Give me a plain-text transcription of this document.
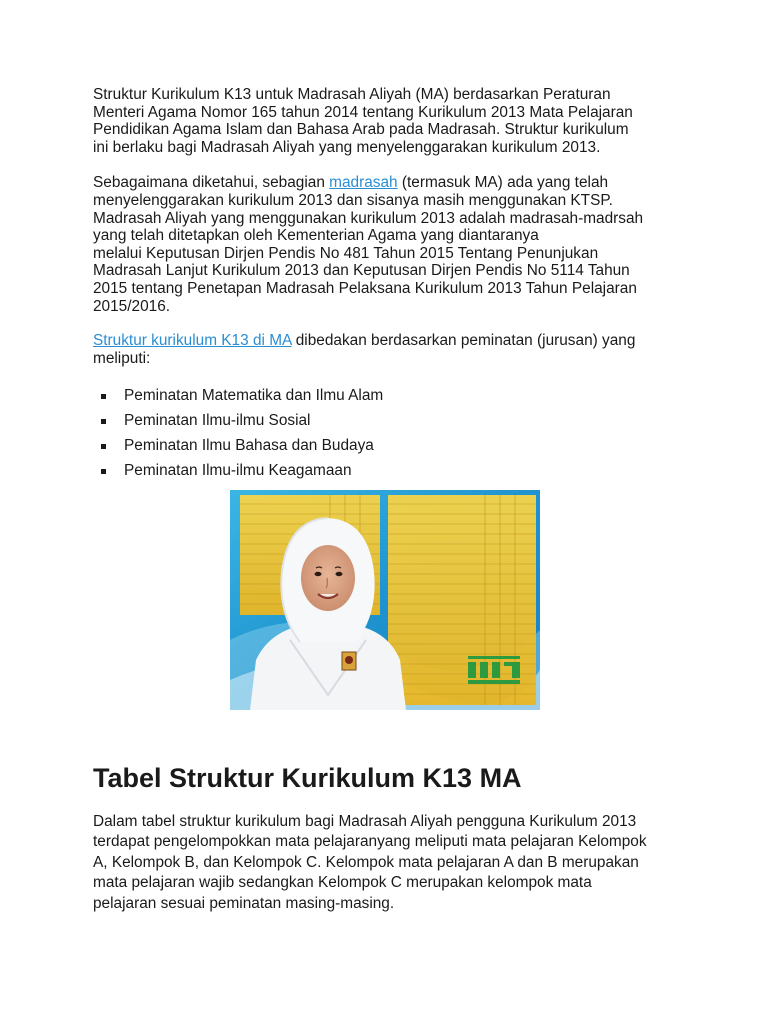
Struktur Kurikulum K13 untuk Madrasah Aliyah (MA) berdasarkan Peraturan
Menteri Agama Nomor 165 tahun 2014 tentang Kurikulum 2013 Mata Pelajaran
Pendidikan Agama Islam dan Bahasa Arab pada Madrasah. Struktur kurikulum
ini berlaku bagi Madrasah Aliyah yang menyelenggarakan kurikulum 2013.

Sebagaimana diketahui, sebagian madrasah (termasuk MA) ada yang telah
menyelenggarakan kurikulum 2013 dan sisanya masih menggunakan KTSP.
Madrasah Aliyah yang menggunakan kurikulum 2013 adalah madrasah-madrsah
yang telah ditetapkan oleh Kementerian Agama yang diantaranya
melalui Keputusan Dirjen Pendis No 481 Tahun 2015 Tentang Penunjukan
Madrasah Lanjut Kurikulum 2013 dan Keputusan Dirjen Pendis No 5114 Tahun
2015 tentang Penetapan Madrasah Pelaksana Kurikulum 2013 Tahun Pelajaran
2015/2016.

Struktur kurikulum K13 di MA dibedakan berdasarkan peminatan (jurusan) yang
meliputi:

Peminatan Matematika dan Ilmu Alam
Peminatan Ilmu-ilmu Sosial
Peminatan Ilmu Bahasa dan Budaya
Peminatan Ilmu-ilmu Keagamaan
Tabel Struktur Kurikulum K13 MA

Dalam tabel struktur kurikulum bagi Madrasah Aliyah pengguna Kurikulum 2013
terdapat pengelompokkan mata pelajaranyang meliputi mata pelajaran Kelompok
A, Kelompok B, dan Kelompok C. Kelompok mata pelajaran A dan B merupakan
mata pelajaran wajib sedangkan Kelompok C merupakan kelompok mata
pelajaran sesuai peminatan masing-masing.
